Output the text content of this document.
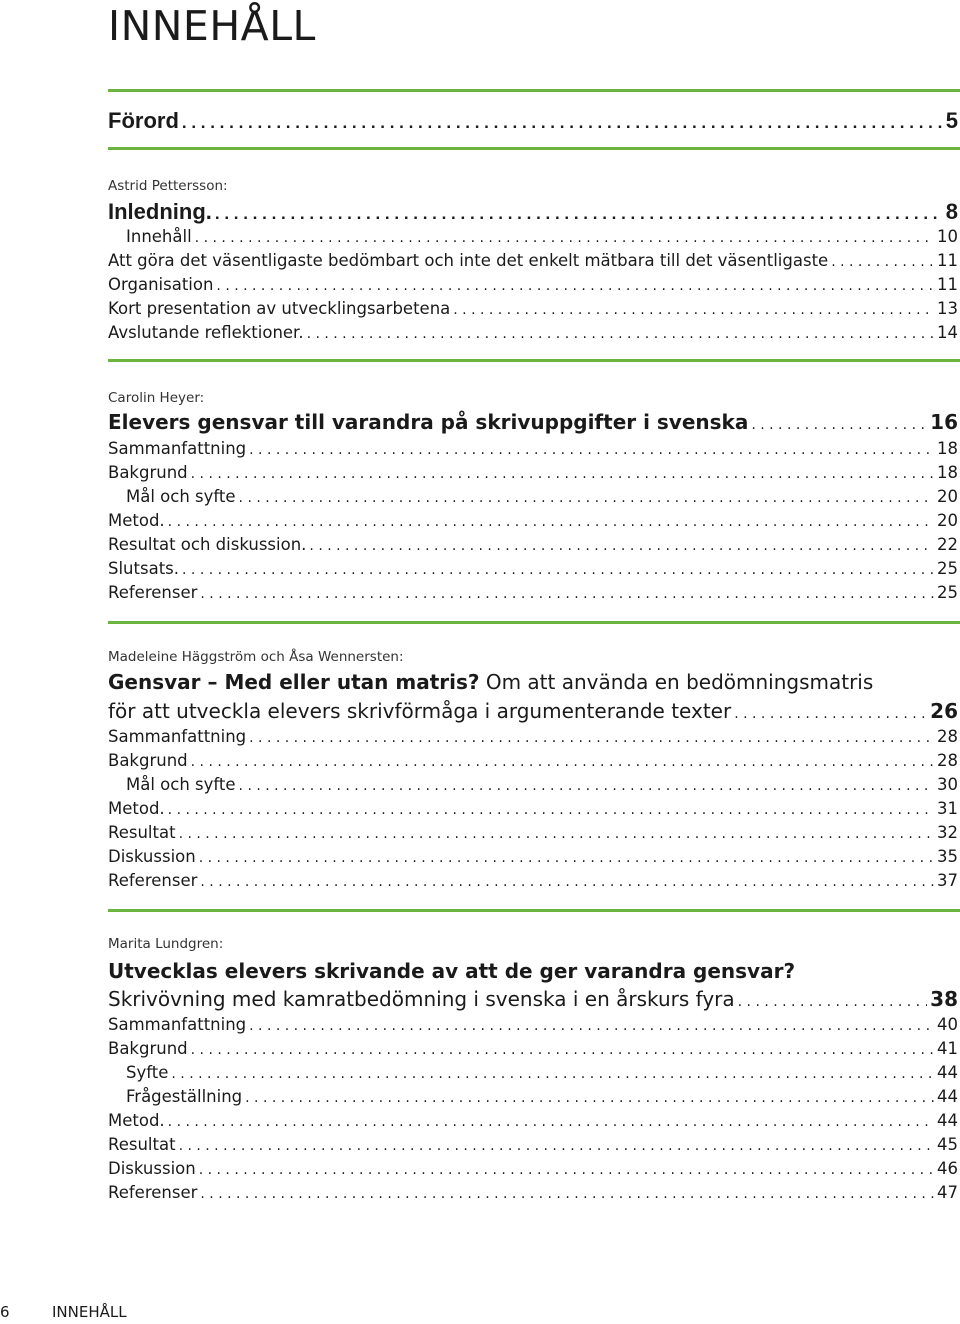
INNEHÅLL
Förord . . .	5
Astrid Pettersson:
Inledning. . . .	8
Innehåll . . .	10
Att göra det väsentligaste bedömbart och inte det enkelt mätbara till det väsentligaste . . .	11
Organisation . . .	11
Kort presentation av utvecklingsarbetena . . .	13
Avslutande reflektioner. . . .	14
Carolin Heyer:
Elevers gensvar till varandra på skrivuppgifter i svenska . . .	16
Sammanfattning . . .	18
Bakgrund . . .	18
Mål och syfte . . .	20
Metod. . . .	20
Resultat och diskussion. . . .	22
Slutsats. . . .	25
Referenser . . .	25
Madeleine Häggström och Åsa Wennersten:
Gensvar – Med eller utan matris? Om att använda en bedömningsmatris
för att utveckla elevers skrivförmåga i argumenterande texter . . .	26
Sammanfattning . . .	28
Bakgrund . . .	28
Mål och syfte . . .	30
Metod. . . .	31
Resultat . . .	32
Diskussion . . .	35
Referenser . . .	37
Marita Lundgren:
Utvecklas elevers skrivande av att de ger varandra gensvar?
Skrivövning med kamratbedömning i svenska i en årskurs fyra . . .	38
Sammanfattning . . .	40
Bakgrund . . .	41
Syfte . . .	44
Frågeställning . . .	44
Metod. . . .	44
Resultat . . .	45
Diskussion . . .	46
Referenser . . .	47
6	INNEHÅLL
